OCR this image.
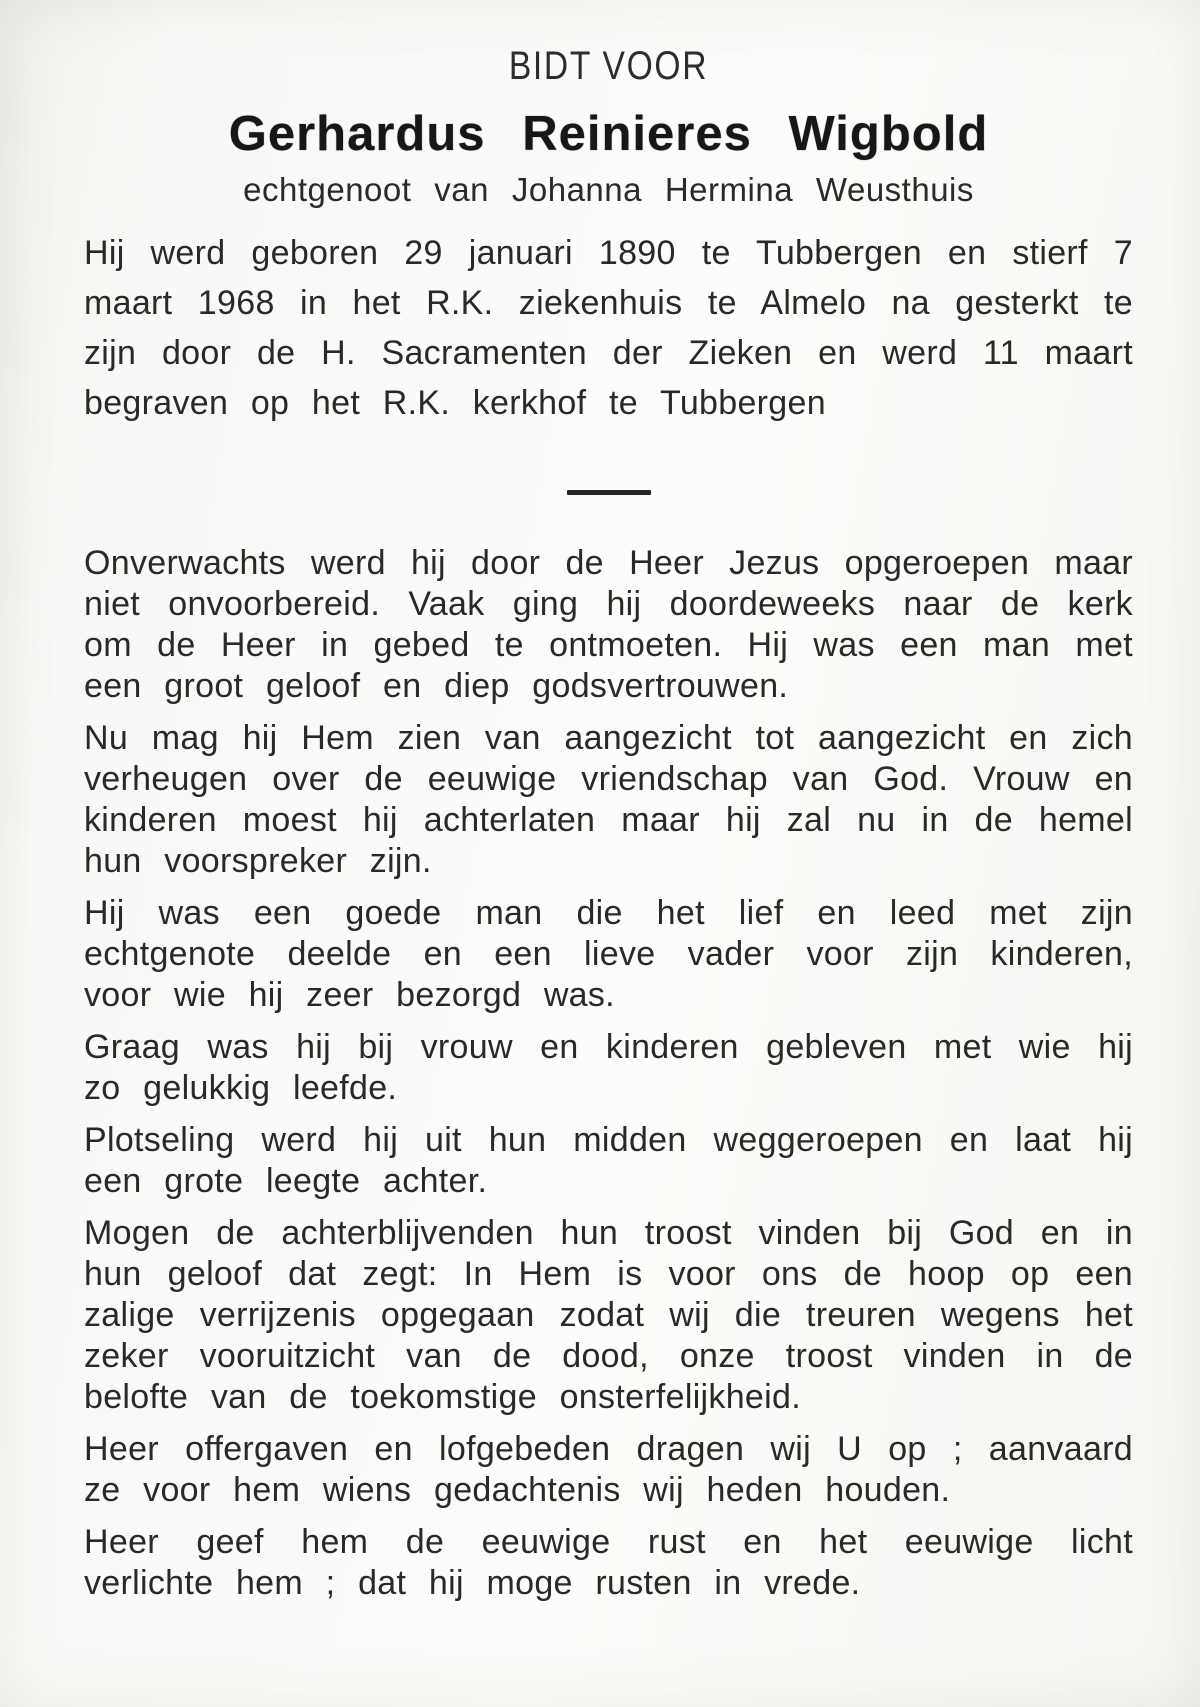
BIDT VOOR
Gerhardus Reinieres Wigbold
echtgenoot van Johanna Hermina Weusthuis

Hij werd geboren 29 januari 1890 te Tubbergen en stierf 7 maart 1968 in het R.K. ziekenhuis te Almelo na gesterkt te zijn door de H. Sacramenten der Zieken en werd 11 maart begraven op het R.K. kerkhof te Tubbergen

Onverwachts werd hij door de Heer Jezus opgeroepen maar niet onvoorbereid. Vaak ging hij doordeweeks naar de kerk om de Heer in gebed te ontmoeten. Hij was een man met een groot geloof en diep godsvertrouwen.

Nu mag hij Hem zien van aangezicht tot aangezicht en zich verheugen over de eeuwige vriendschap van God. Vrouw en kinderen moest hij achterlaten maar hij zal nu in de hemel hun voorspreker zijn.

Hij was een goede man die het lief en leed met zijn echtgenote deelde en een lieve vader voor zijn kinderen, voor wie hij zeer bezorgd was.

Graag was hij bij vrouw en kinderen gebleven met wie hij zo gelukkig leefde.

Plotseling werd hij uit hun midden weggeroepen en laat hij een grote leegte achter.

Mogen de achterblijvenden hun troost vinden bij God en in hun geloof dat zegt: In Hem is voor ons de hoop op een zalige verrijzenis opgegaan zodat wij die treuren wegens het zeker vooruitzicht van de dood, onze troost vinden in de belofte van de toekomstige onsterfelijkheid.

Heer offergaven en lofgebeden dragen wij U op ; aanvaard ze voor hem wiens gedachtenis wij heden houden.

Heer geef hem de eeuwige rust en het eeuwige licht verlichte hem ; dat hij moge rusten in vrede.
